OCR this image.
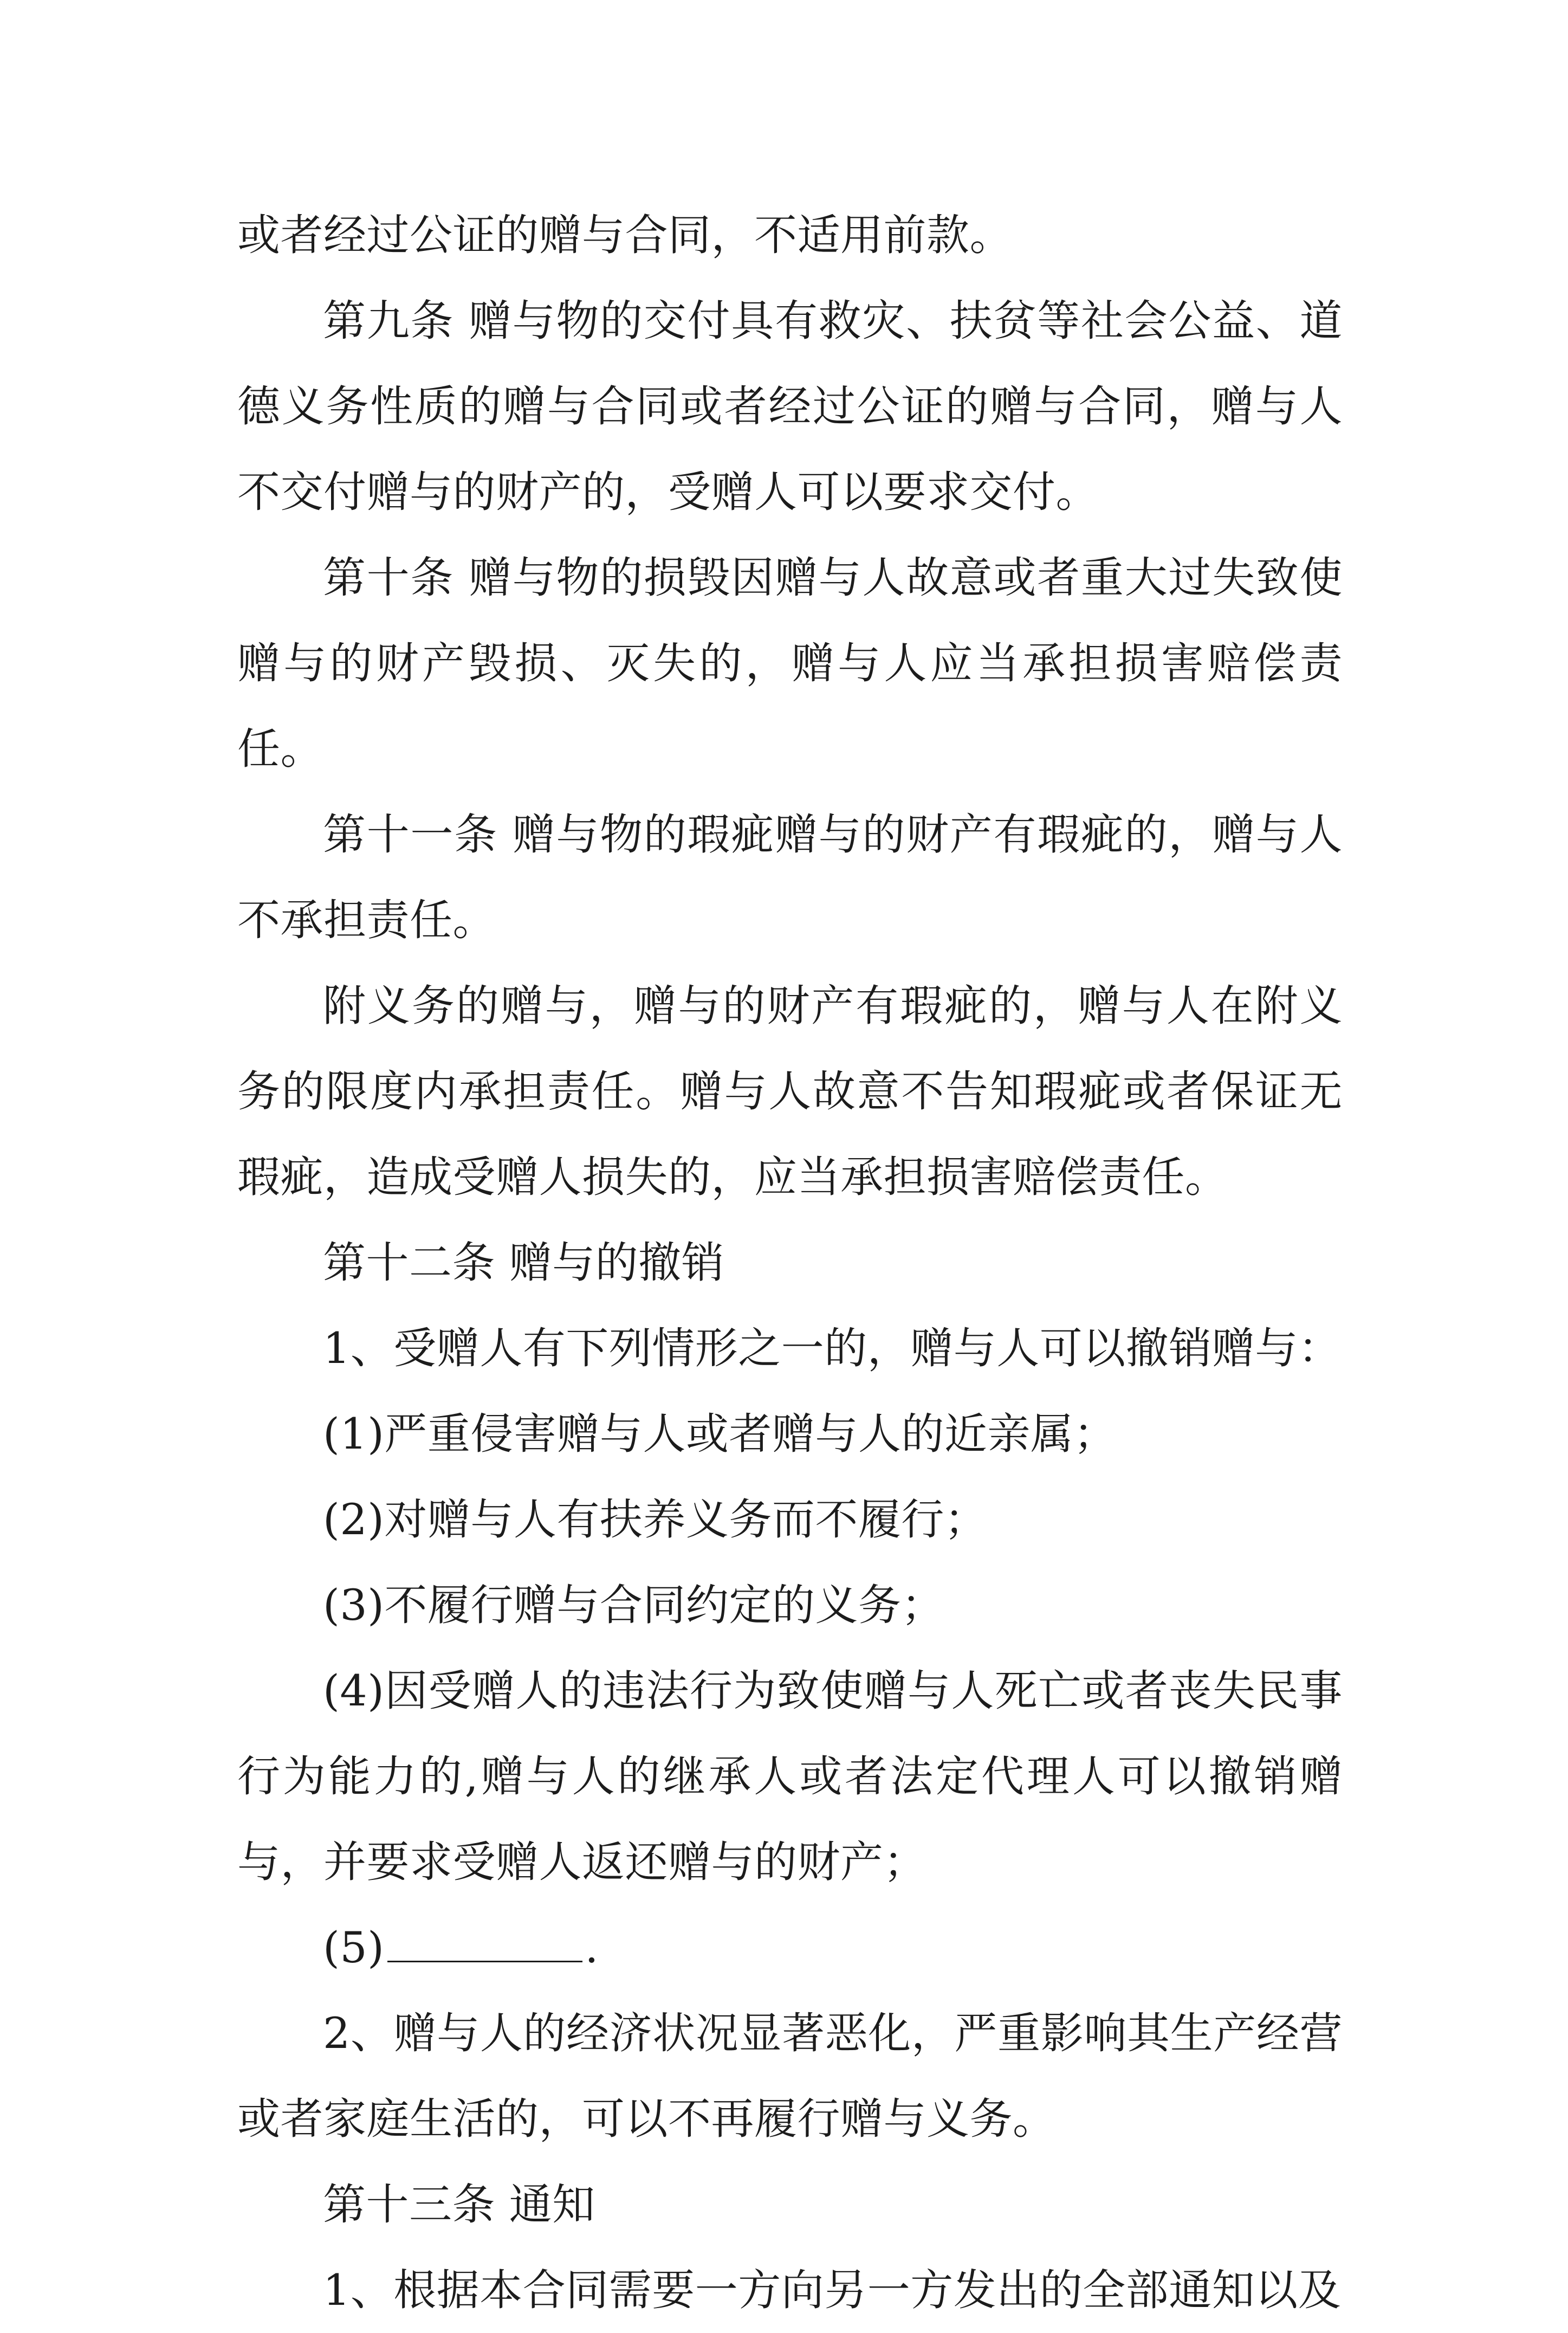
或者经过公证的赠与合同，不适用前款。

第九条 赠与物的交付具有救灾、扶贫等社会公益、道德义务性质的赠与合同或者经过公证的赠与合同，赠与人不交付赠与的财产的，受赠人可以要求交付。

第十条 赠与物的损毁因赠与人故意或者重大过失致使赠与的财产毁损、灭失的，赠与人应当承担损害赔偿责任。

第十一条 赠与物的瑕疵赠与的财产有瑕疵的，赠与人不承担责任。

附义务的赠与，赠与的财产有瑕疵的，赠与人在附义务的限度内承担责任。赠与人故意不告知瑕疵或者保证无瑕疵，造成受赠人损失的，应当承担损害赔偿责任。

第十二条 赠与的撤销

1、受赠人有下列情形之一的，赠与人可以撤销赠与：

(1)严重侵害赠与人或者赠与人的近亲属；

(2)对赠与人有扶养义务而不履行；

(3)不履行赠与合同约定的义务；

(4)因受赠人的违法行为致使赠与人死亡或者丧失民事行为能力的,赠与人的继承人或者法定代理人可以撤销赠与，并要求受赠人返还赠与的财产；

(5)	.

2、赠与人的经济状况显著恶化，严重影响其生产经营或者家庭生活的，可以不再履行赠与义务。

第十三条 通知

1、根据本合同需要一方向另一方发出的全部通知以及
